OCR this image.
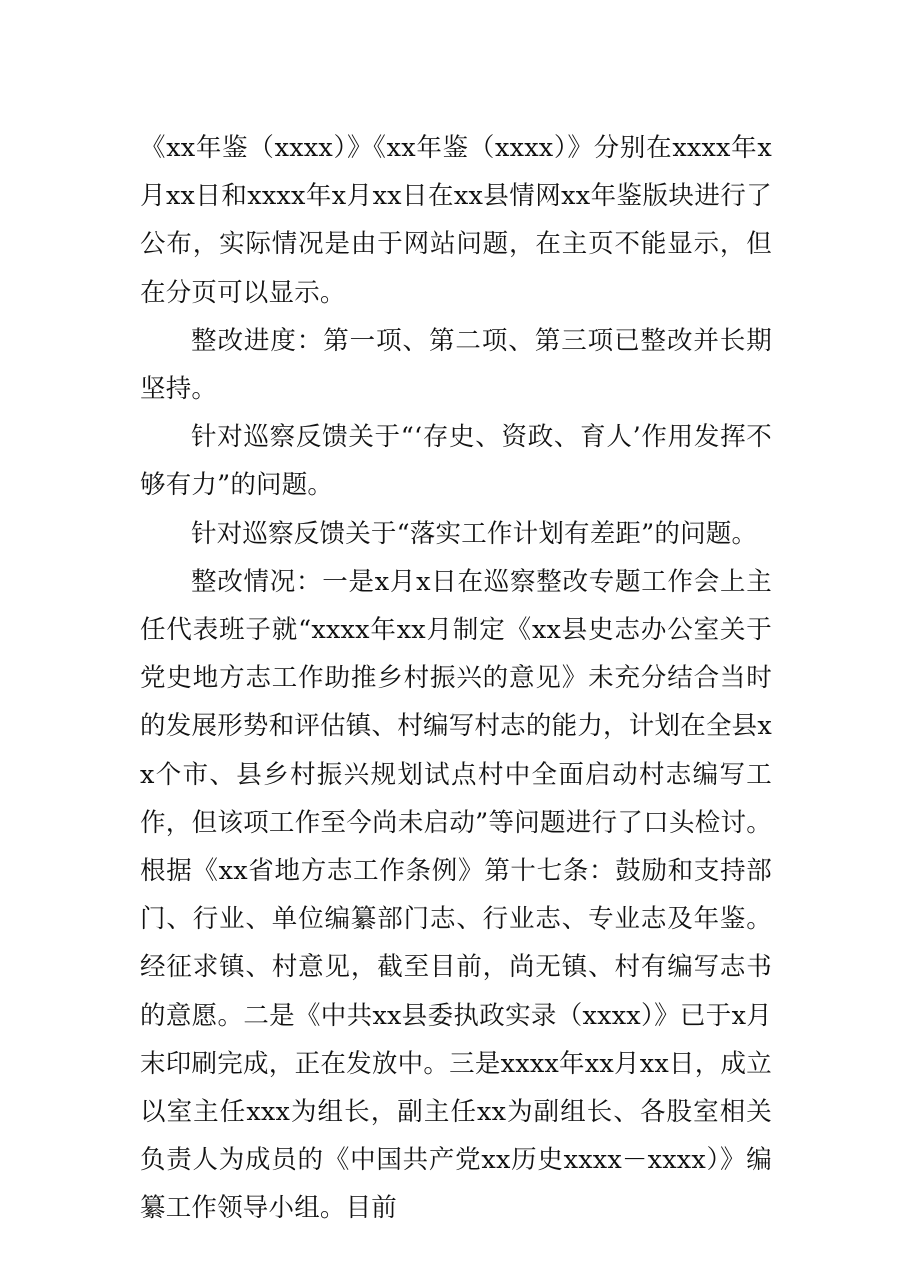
《xx年鉴（xxxx）》《xx年鉴（xxxx）》分别在xxxx年x月xx日和xxxx年x月xx日在xx县情网xx年鉴版块进行了公布，实际情况是由于网站问题，在主页不能显示，但在分页可以显示。

整改进度：第一项、第二项、第三项已整改并长期坚持。

针对巡察反馈关于“‘存史、资政、育人’作用发挥不够有力”的问题。

针对巡察反馈关于“落实工作计划有差距”的问题。

整改情况：一是x月x日在巡察整改专题工作会上主任代表班子就“xxxx年xx月制定《xx县史志办公室关于党史地方志工作助推乡村振兴的意见》未充分结合当时的发展形势和评估镇、村编写村志的能力，计划在全县xx个市、县乡村振兴规划试点村中全面启动村志编写工作，但该项工作至今尚未启动”等问题进行了口头检讨。根据《xx省地方志工作条例》第十七条：鼓励和支持部门、行业、单位编纂部门志、行业志、专业志及年鉴。经征求镇、村意见，截至目前，尚无镇、村有编写志书的意愿。二是《中共xx县委执政实录（xxxx）》已于x月末印刷完成，正在发放中。三是xxxx年xx月xx日，成立以室主任xxx为组长，副主任xx为副组长、各股室相关负责人为成员的《中国共产党xx历史xxxx－xxxx）》编纂工作领导小组。目前
